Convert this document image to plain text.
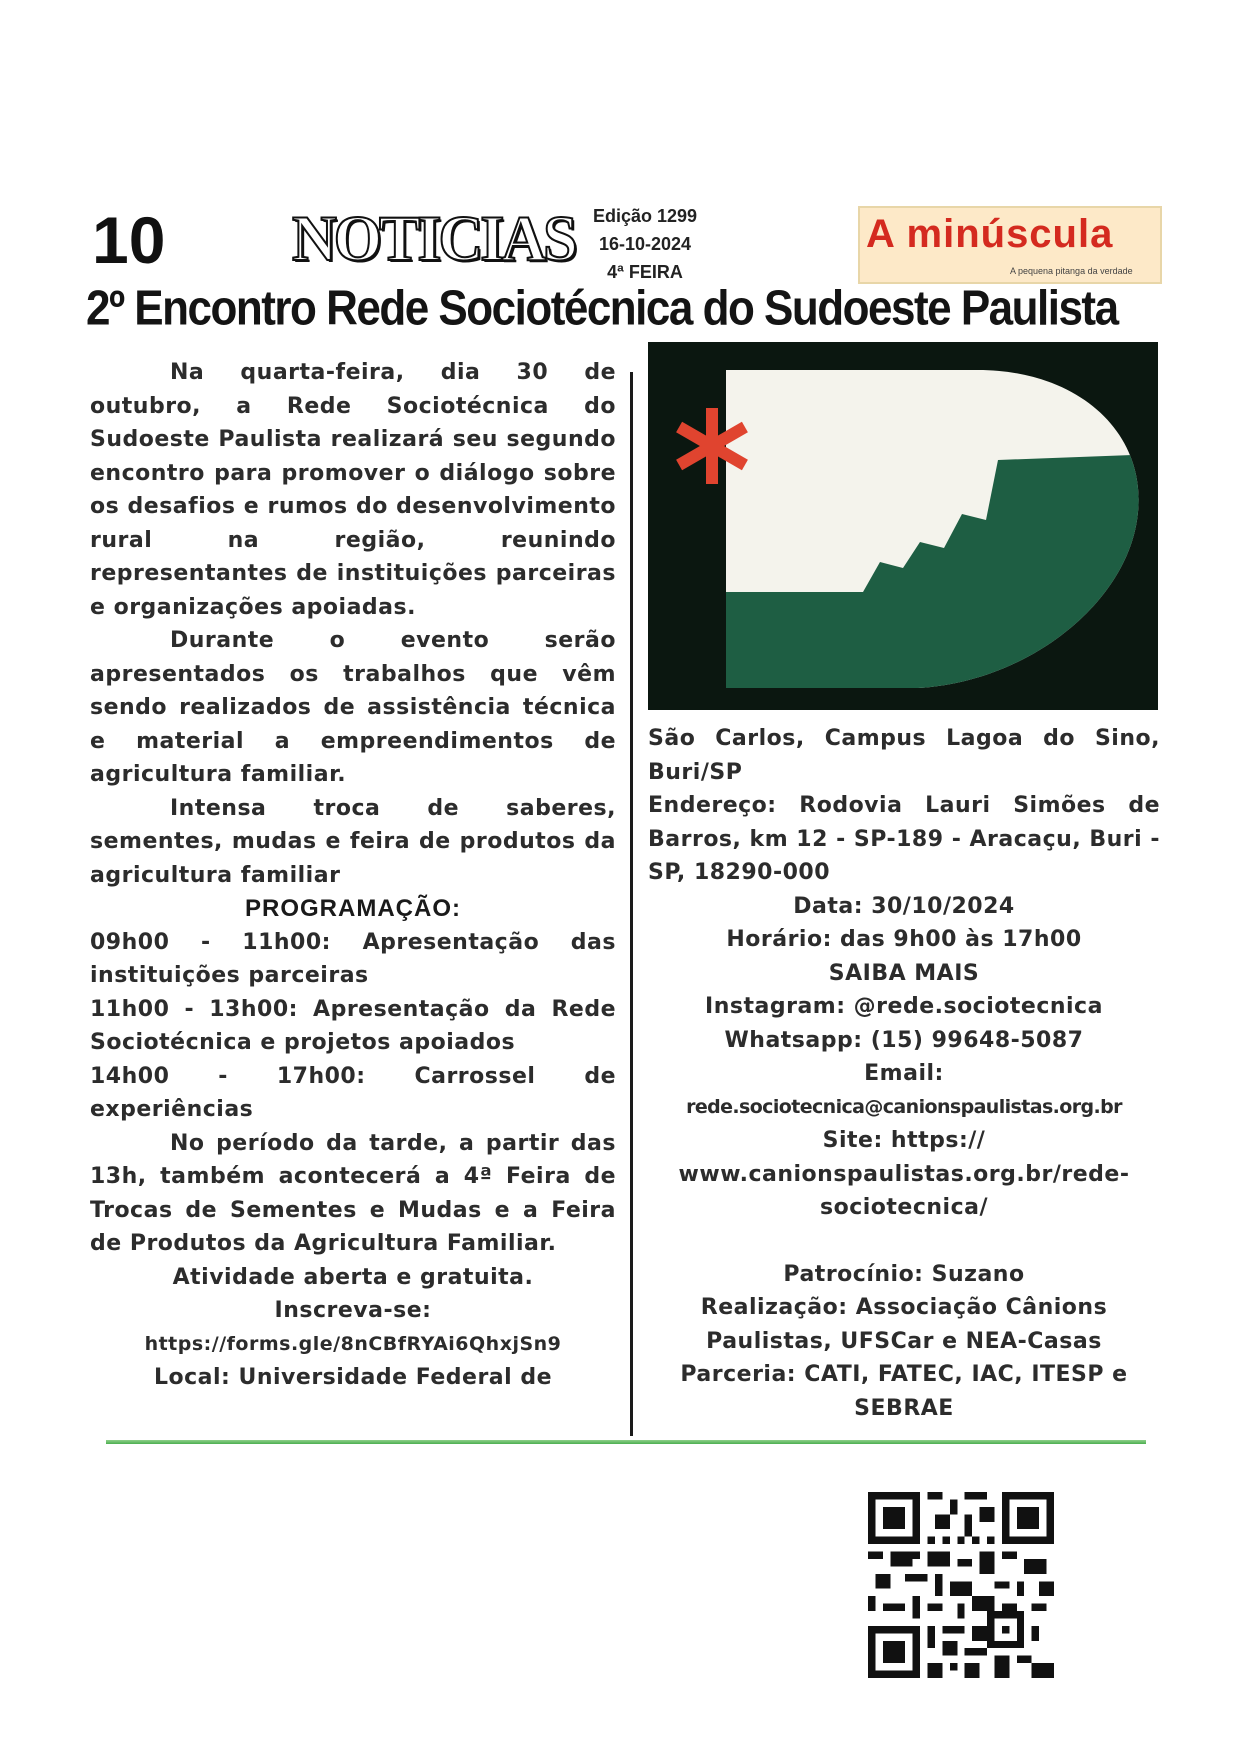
10 NOTICIAS	Edição 1299
16-10-2024
4ª FEIRA
A minúscula
A pequena pitanga da verdade
2º Encontro Rede Sociotécnica do Sudoeste Paulista

Na quarta-feira, dia 30 de outubro, a Rede Sociotécnica do Sudoeste Paulista realizará seu segundo encontro para promover o diálogo sobre os desafios e rumos do desenvolvimento rural na região, reunindo representantes de instituições parceiras e organizações apoiadas.

Durante o evento serão apresentados os trabalhos que vêm sendo realizados de assistência técnica e material a empreendimentos de agricultura familiar.

Intensa troca de saberes, sementes, mudas e feira de produtos da agricultura familiar

PROGRAMAÇÃO:

09h00 - 11h00: Apresentação das instituições parceiras

11h00 - 13h00: Apresentação da Rede Sociotécnica e projetos apoiados

14h00 - 17h00: Carrossel de experiências

No período da tarde, a partir das 13h, também acontecerá a 4ª Feira de Trocas de Sementes e Mudas e a Feira de Produtos da Agricultura Familiar.

Atividade aberta e gratuita.

Inscreva-se:

https://forms.gle/8nCBfRYAi6QhxjSn9

Local: Universidade Federal de

São Carlos, Campus Lagoa do Sino, Buri/SP

Endereço: Rodovia Lauri Simões de Barros, km 12 - SP-189 - Aracaçu, Buri - SP, 18290-000

Data: 30/10/2024

Horário: das 9h00 às 17h00

SAIBA MAIS

Instagram: @rede.sociotecnica

Whatsapp: (15) 99648-5087

Email:

rede.sociotecnica@canionspaulistas.org.br

Site: https://

www.canionspaulistas.org.br/rede-

sociotecnica/

Patrocínio: Suzano

Realização: Associação Cânions Paulistas, UFSCar e NEA-Casas

Parceria: CATI, FATEC, IAC, ITESP e SEBRAE
